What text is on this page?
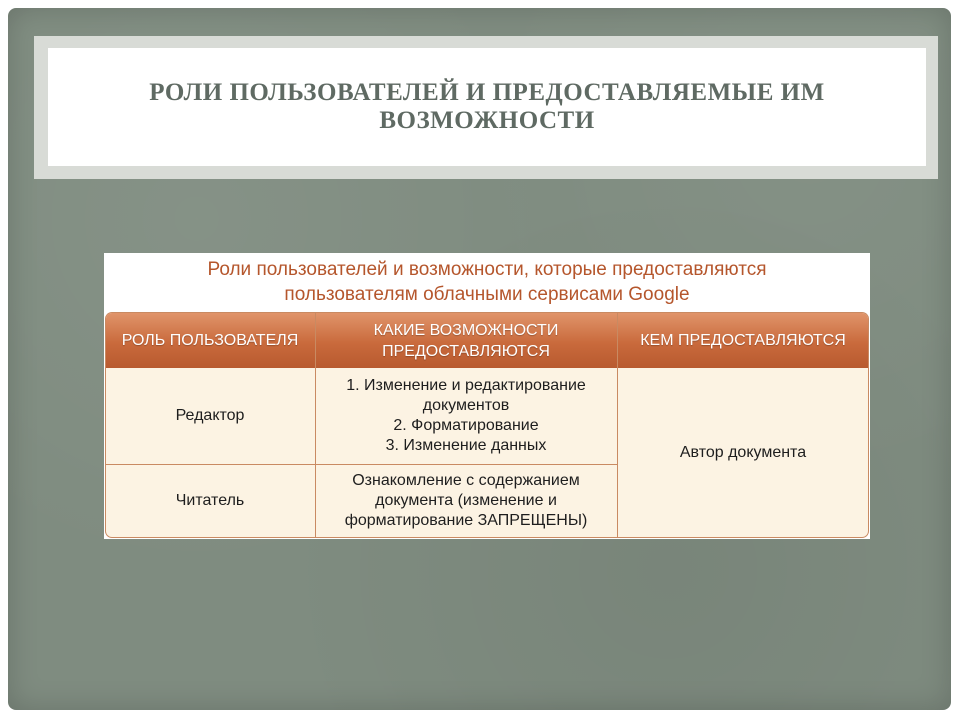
РОЛИ ПОЛЬЗОВАТЕЛЕЙ И ПРЕДОСТАВЛЯЕМЫЕ ИМ ВОЗМОЖНОСТИ
Роли пользователей и возможности, которые предоставляются
пользователям облачными сервисами Google
РОЛЬ ПОЛЬЗОВАТЕЛЯ
КАКИЕ ВОЗМОЖНОСТИ ПРЕДОСТАВЛЯЮТСЯ
КЕМ ПРЕДОСТАВЛЯЮТСЯ
Редактор
1. Изменение и редактирование документов
2. Форматирование
3. Изменение данных
Читатель
Ознакомление с содержанием документа (изменение и форматирование ЗАПРЕЩЕНЫ)
Автор документа
